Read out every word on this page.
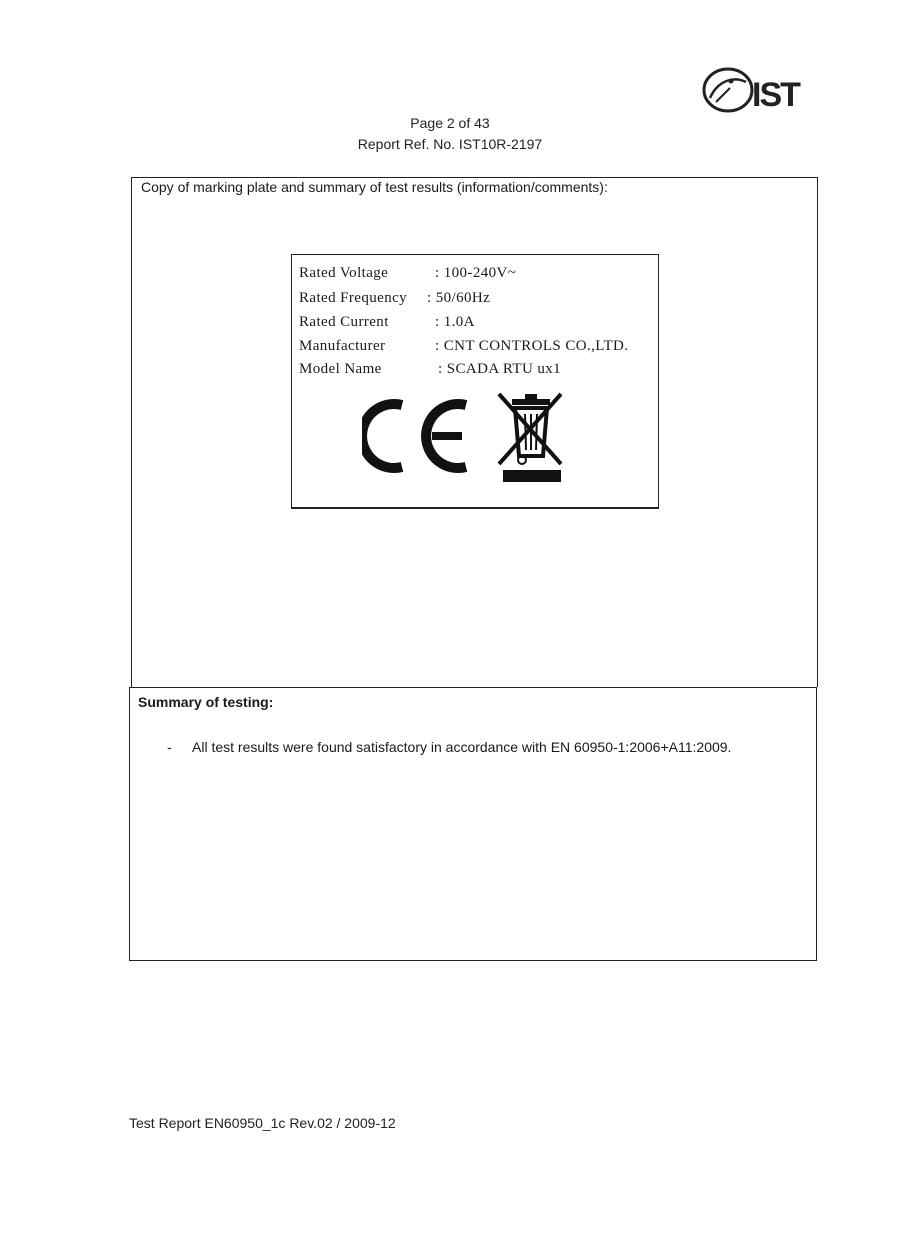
IST
Page 2 of 43
Report Ref. No. IST10R-2197
Copy of marking plate and summary of test results (information/comments):
Rated Voltage	: 100-240V~
Rated Frequency : 50/60Hz
Rated Current	: 1.0A
Manufacturer	: CNT CONTROLS CO.,LTD.
Model Name	: SCADA RTU ux1
Summary of testing:
- All test results were found satisfactory in accordance with EN 60950-1:2006+A11:2009.
Test Report EN60950_1c Rev.02 / 2009-12
